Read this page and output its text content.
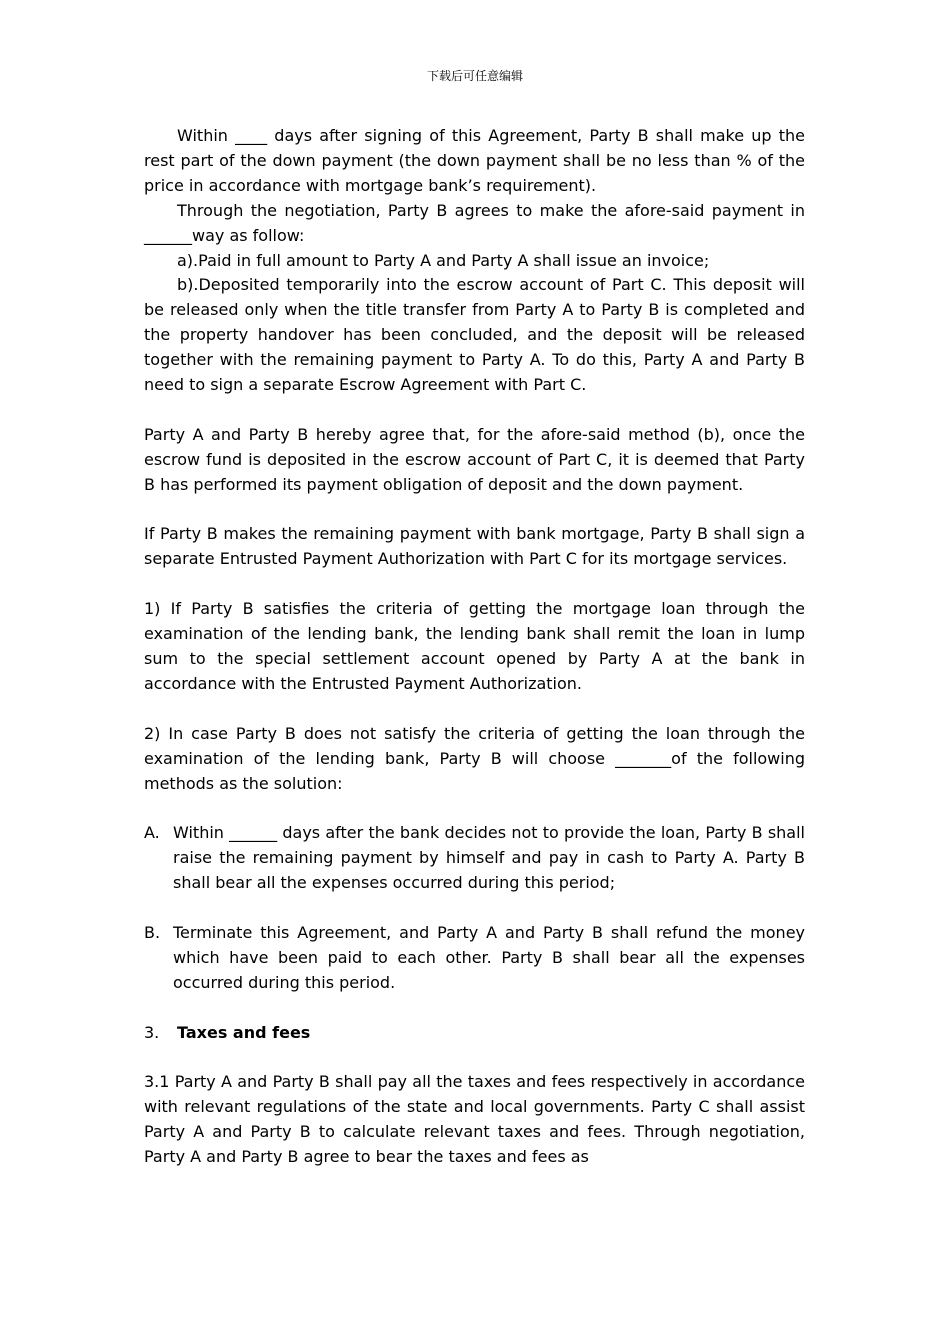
下载后可任意编辑

Within ____ days after signing of this Agreement, Party B shall make up the rest part of the down payment (the down payment shall be no less than % of the price in accordance with mortgage bank’s requirement).

Through the negotiation, Party B agrees to make the afore-said payment in ______way as follow:

a).Paid in full amount to Party A and Party A shall issue an invoice;

b).Deposited temporarily into the escrow account of Part C. This deposit will be released only when the title transfer from Party A to Party B is completed and the property handover has been concluded, and the deposit will be released together with the remaining payment to Party A. To do this, Party A and Party B need to sign a separate Escrow Agreement with Part C.

Party A and Party B hereby agree that, for the afore-said method (b), once the escrow fund is deposited in the escrow account of Part C, it is deemed that Party B has performed its payment obligation of deposit and the down payment.

If Party B makes the remaining payment with bank mortgage, Party B shall sign a separate Entrusted Payment Authorization with Part C for its mortgage services.

1) If Party B satisfies the criteria of getting the mortgage loan through the examination of the lending bank, the lending bank shall remit the loan in lump sum to the special settlement account opened by Party A at the bank in accordance with the Entrusted Payment Authorization.

2) In case Party B does not satisfy the criteria of getting the loan through the examination of the lending bank, Party B will choose _______of the following methods as the solution:

A. Within ______ days after the bank decides not to provide the loan, Party B shall raise the remaining payment by himself and pay in cash to Party A. Party B shall bear all the expenses occurred during this period;
B. Terminate this Agreement, and Party A and Party B shall refund the money which have been paid to each other. Party B shall bear all the expenses occurred during this period.
3.	Taxes and fees

3.1 Party A and Party B shall pay all the taxes and fees respectively in accordance with relevant regulations of the state and local governments. Party C shall assist Party A and Party B to calculate relevant taxes and fees. Through negotiation, Party A and Party B agree to bear the taxes and fees as
